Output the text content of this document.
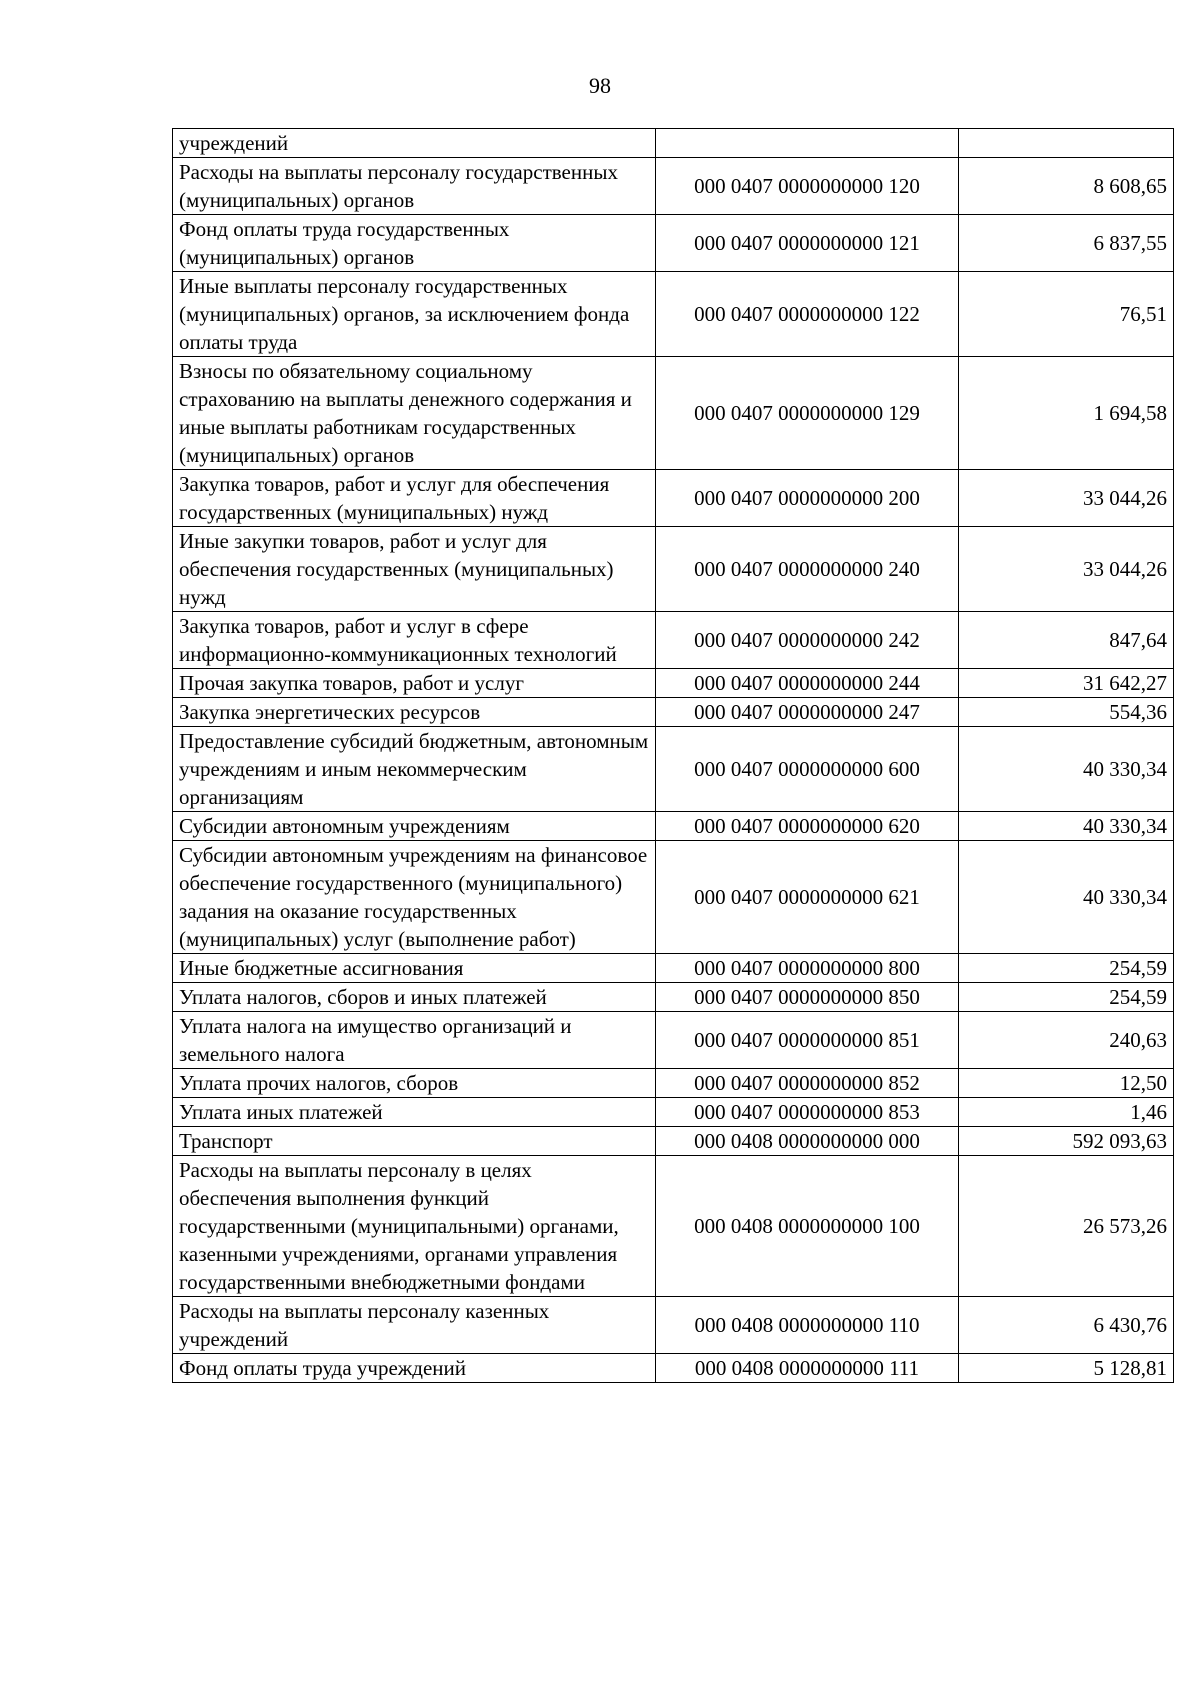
98
учреждений		
Расходы на выплаты персоналу государственных (муниципальных) органов	000 0407 0000000000 120	8 608,65
Фонд оплаты труда государственных (муниципальных) органов	000 0407 0000000000 121	6 837,55
Иные выплаты персоналу государственных (муниципальных) органов, за исключением фонда оплаты труда	000 0407 0000000000 122	76,51
Взносы по обязательному социальному страхованию на выплаты денежного содержания и иные выплаты работникам государственных (муниципальных) органов	000 0407 0000000000 129	1 694,58
Закупка товаров, работ и услуг для обеспечения государственных (муниципальных) нужд	000 0407 0000000000 200	33 044,26
Иные закупки товаров, работ и услуг для обеспечения государственных (муниципальных) нужд	000 0407 0000000000 240	33 044,26
Закупка товаров, работ и услуг в сфере информационно-коммуникационных технологий	000 0407 0000000000 242	847,64
Прочая закупка товаров, работ и услуг	000 0407 0000000000 244	31 642,27
Закупка энергетических ресурсов	000 0407 0000000000 247	554,36
Предоставление субсидий бюджетным, автономным учреждениям и иным некоммерческим организациям	000 0407 0000000000 600	40 330,34
Субсидии автономным учреждениям	000 0407 0000000000 620	40 330,34
Субсидии автономным учреждениям на финансовое обеспечение государственного (муниципального) задания на оказание государственных (муниципальных) услуг (выполнение работ)	000 0407 0000000000 621	40 330,34
Иные бюджетные ассигнования	000 0407 0000000000 800	254,59
Уплата налогов, сборов и иных платежей	000 0407 0000000000 850	254,59
Уплата налога на имущество организаций и земельного налога	000 0407 0000000000 851	240,63
Уплата прочих налогов, сборов	000 0407 0000000000 852	12,50
Уплата иных платежей	000 0407 0000000000 853	1,46
Транспорт	000 0408 0000000000 000	592 093,63
Расходы на выплаты персоналу в целях обеспечения выполнения функций государственными (муниципальными) органами, казенными учреждениями, органами управления государственными внебюджетными фондами	000 0408 0000000000 100	26 573,26
Расходы на выплаты персоналу казенных учреждений	000 0408 0000000000 110	6 430,76
Фонд оплаты труда учреждений	000 0408 0000000000 111	5 128,81
